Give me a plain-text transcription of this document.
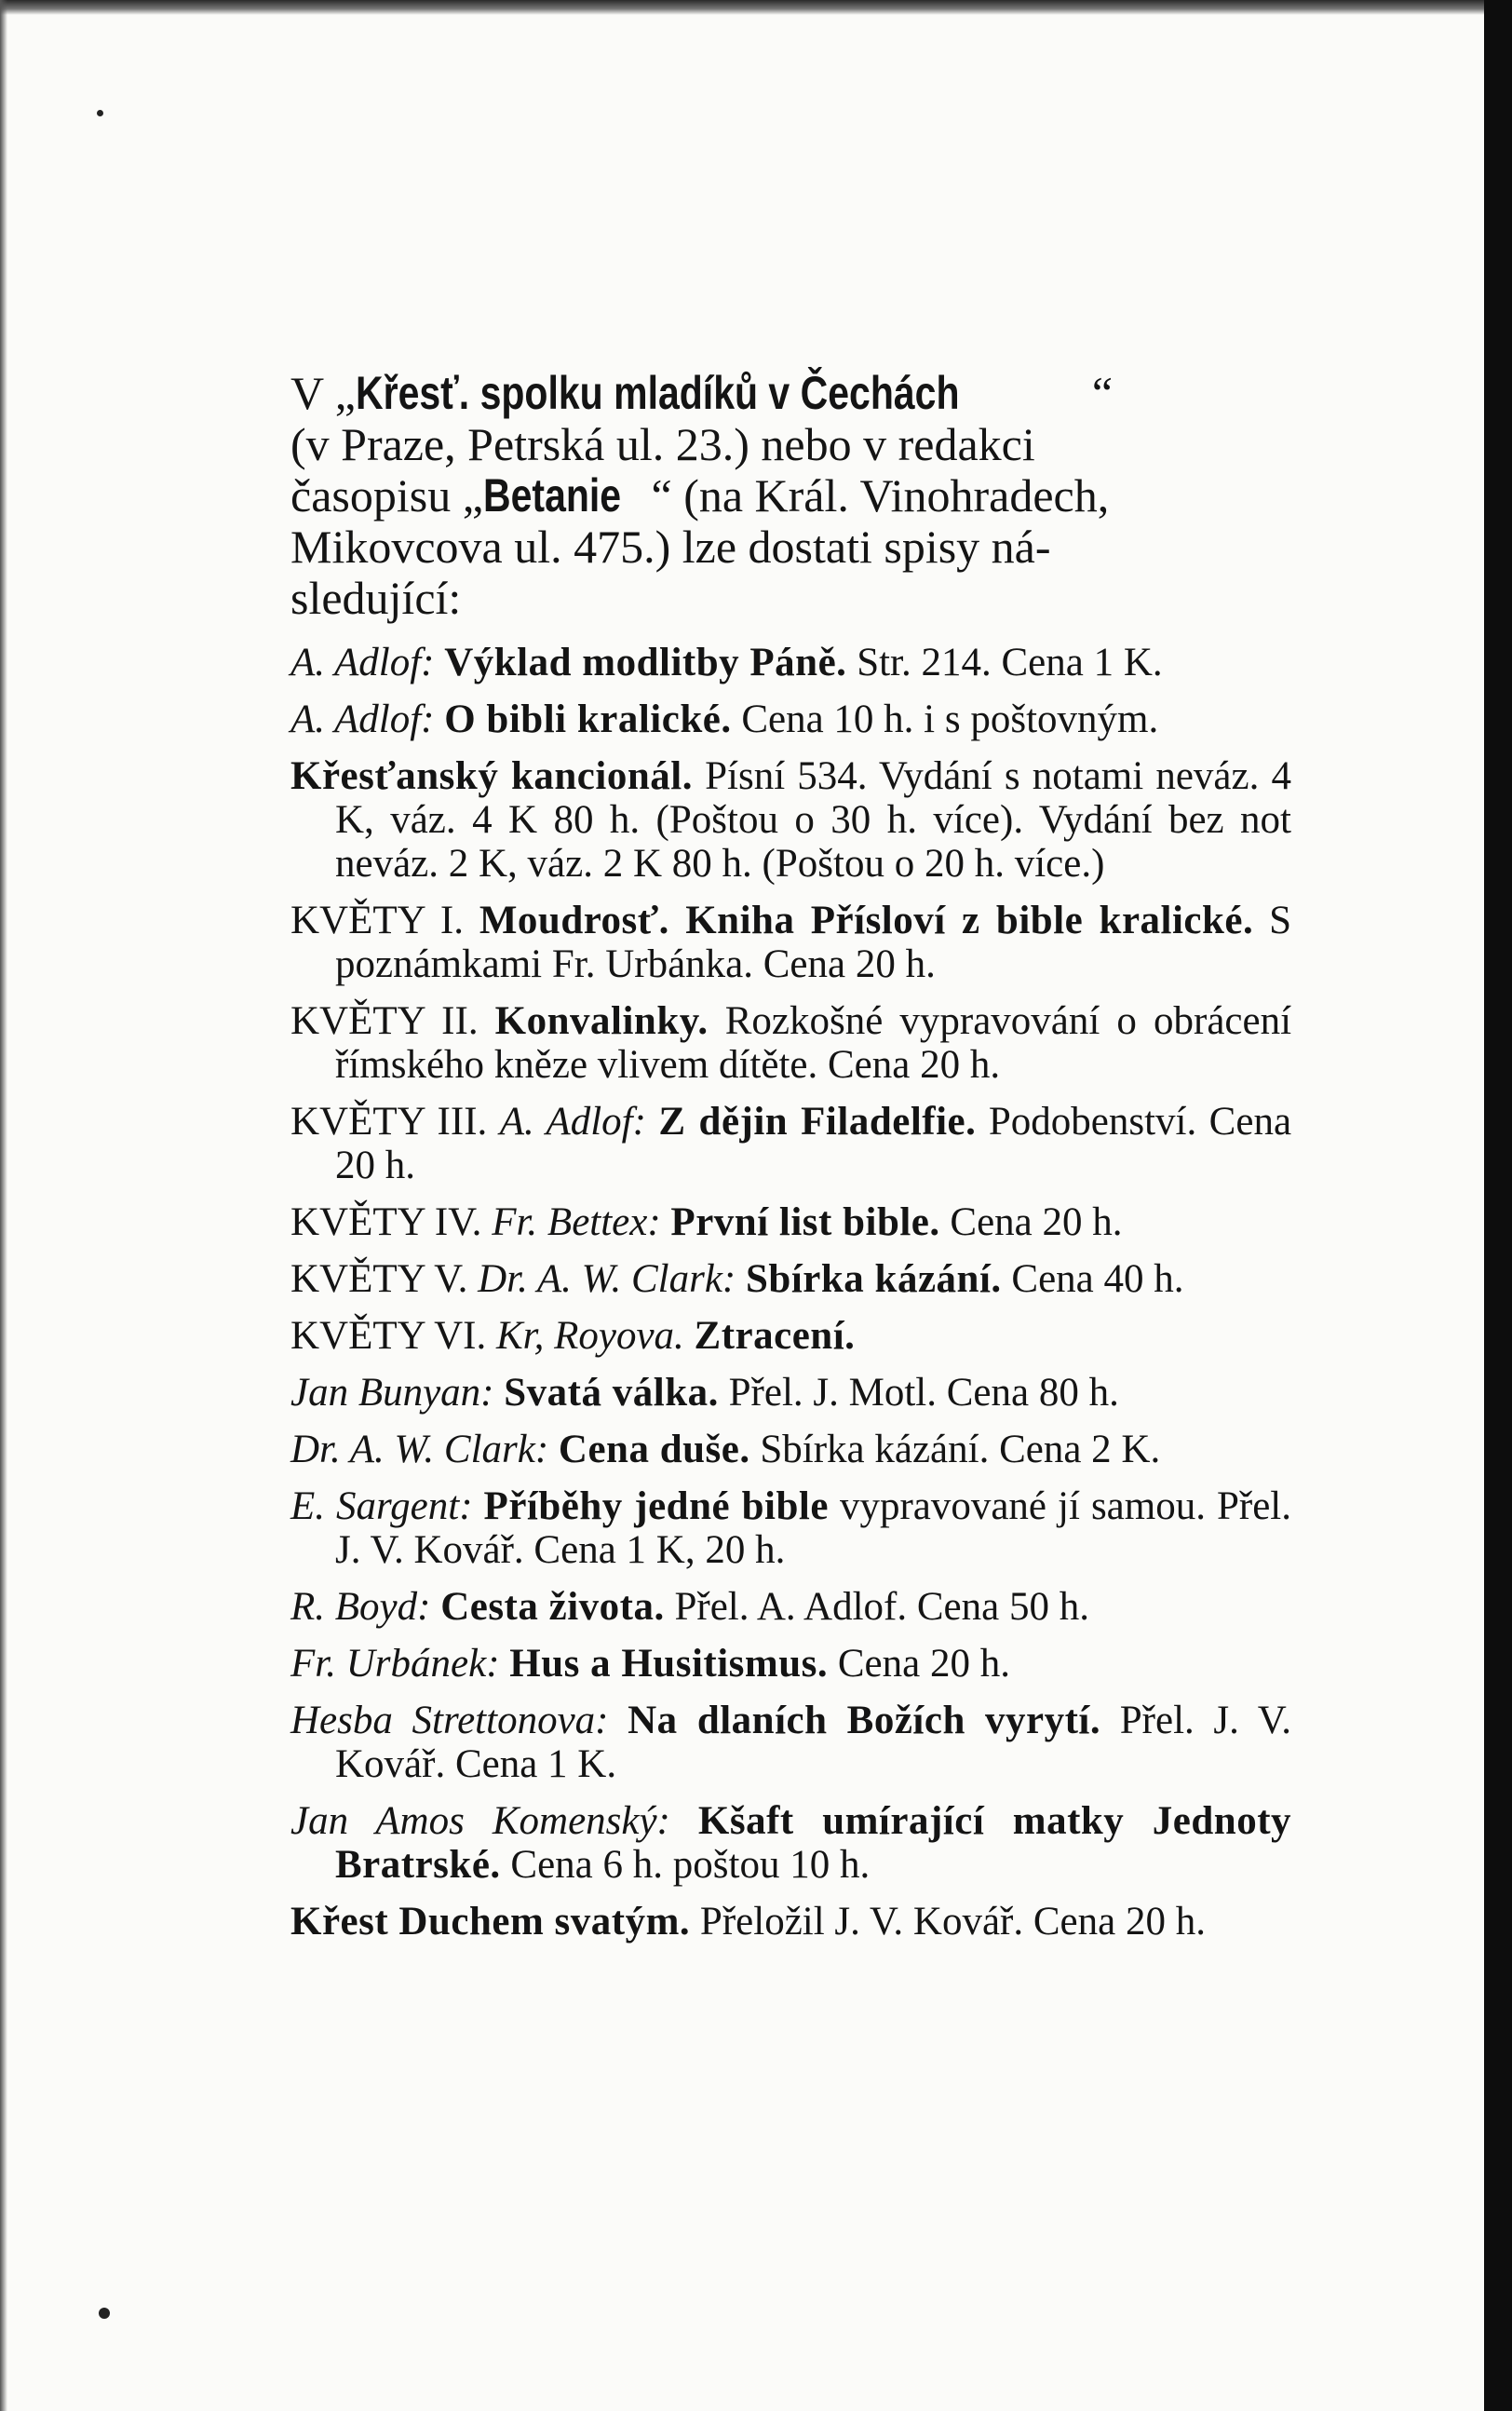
V „Křesť. spolku mladíků v Čechách	“
(v Praze, Petrská ul. 23.) nebo v redakci
časopisu „Betanie “ (na Král. Vinohradech,
Mikovcova ul. 475.) lze dostati spisy ná-
sledující:

A. Adlof: Výklad modlitby Páně. Str. 214. Cena 1 K.

A. Adlof: O bibli kralické. Cena 10 h. i s poštovným.

Křesťanský kancionál. Písní 534. Vydání s notami neváz. 4 K, váz. 4 K 80 h. (Poštou o 30 h. více). Vydání bez not neváz. 2 K, váz. 2 K 80 h. (Poštou o 20 h. více.)

KVĚTY I. Moudrosť. Kniha Přísloví z bible kralické. S poznámkami Fr. Urbánka. Cena 20 h.

KVĚTY II. Konvalinky. Rozkošné vypravování o obrácení římského kněze vlivem dítěte. Cena 20 h.

KVĚTY III. A. Adlof: Z dějin Filadelfie. Podobenství. Cena 20 h.

KVĚTY IV. Fr. Bettex: První list bible. Cena 20 h.

KVĚTY V. Dr. A. W. Clark: Sbírka kázání. Cena 40 h.

KVĚTY VI. Kr, Royova. Ztracení.

Jan Bunyan: Svatá válka. Přel. J. Motl. Cena 80 h.

Dr. A. W. Clark: Cena duše. Sbírka kázání. Cena 2 K.

E. Sargent: Příběhy jedné bible vypravované jí samou. Přel. J. V. Kovář. Cena 1 K, 20 h.

R. Boyd: Cesta života. Přel. A. Adlof. Cena 50 h.

Fr. Urbánek: Hus a Husitismus. Cena 20 h.

Hesba Strettonova: Na dlaních Božích vyrytí. Přel. J. V. Kovář. Cena 1 K.

Jan Amos Komenský: Kšaft umírající matky Jednoty Bratrské. Cena 6 h. poštou 10 h.

Křest Duchem svatým. Přeložil J. V. Kovář. Cena 20 h.
